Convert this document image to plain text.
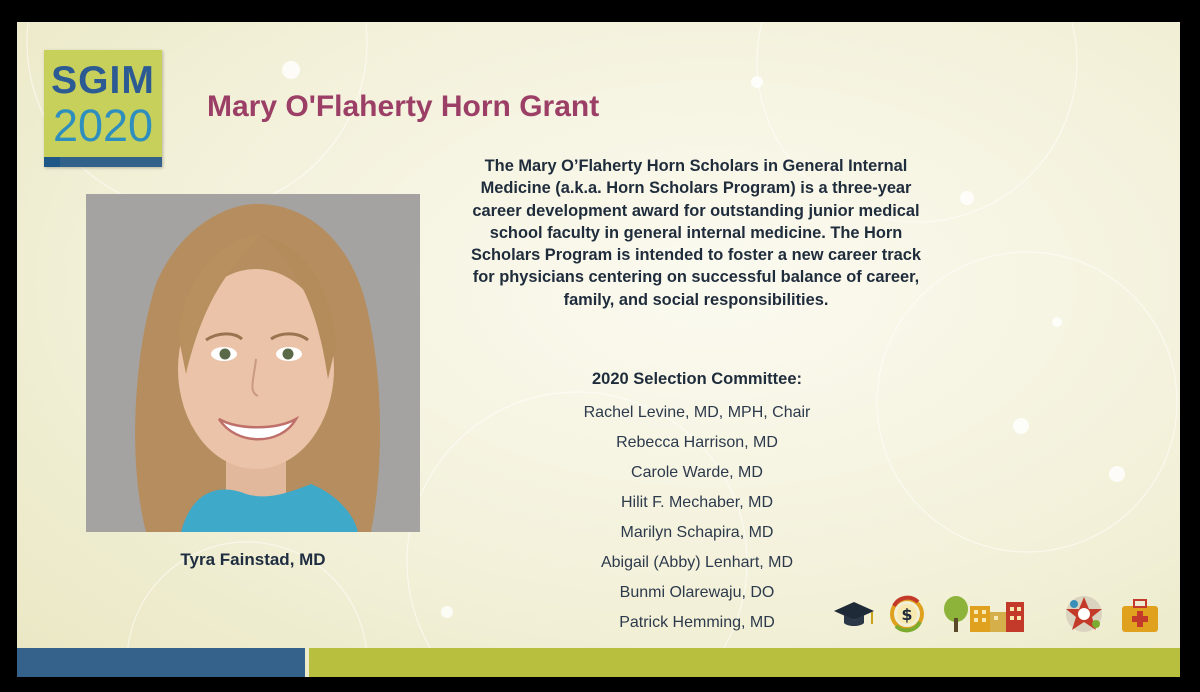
SGIM
2020 Mary O'Flaherty Horn Grant
Tyra Fainstad, MD
The Mary O’Flaherty Horn Scholars in General Internal
Medicine (a.k.a. Horn Scholars Program) is a three-year
career development award for outstanding junior medical
school faculty in general internal medicine. The Horn
Scholars Program is intended to foster a new career track
for physicians centering on successful balance of career,
family, and social responsibilities.
2020 Selection Committee:
Rachel Levine, MD, MPH, Chair
Rebecca Harrison, MD
Carole Warde, MD
Hilit F. Mechaber, MD
Marilyn Schapira, MD
Abigail (Abby) Lenhart, MD
Bunmi Olarewaju, DO
Patrick Hemming, MD	$
